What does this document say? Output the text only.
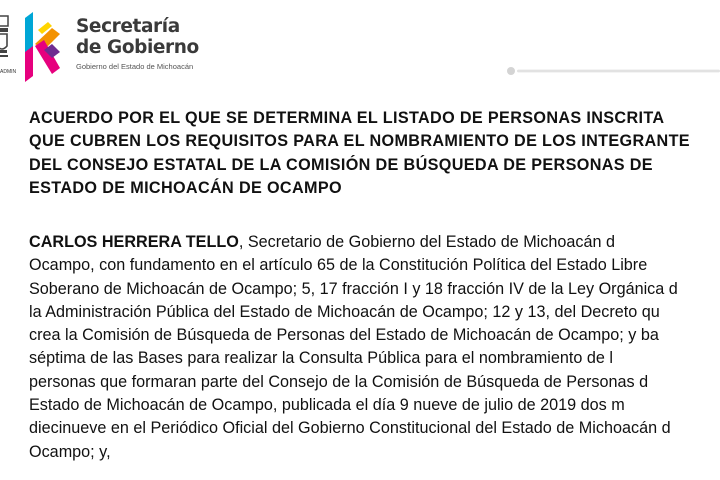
ADMIN
Secretaría
de Gobierno
Gobierno del Estado de Michoacán
ACUERDO POR EL QUE SE DETERMINA EL LISTADO DE PERSONAS INSCRITA
QUE CUBREN LOS REQUISITOS PARA EL NOMBRAMIENTO DE LOS INTEGRANTE
DEL CONSEJO ESTATAL DE LA COMISIÓN DE BÚSQUEDA DE PERSONAS DE
ESTADO DE MICHOACÁN DE OCAMPO
CARLOS HERRERA TELLO, Secretario de Gobierno del Estado de Michoacán d
Ocampo, con fundamento en el artículo 65 de la Constitución Política del Estado Libre
Soberano de Michoacán de Ocampo; 5, 17 fracción I y 18 fracción IV de la Ley Orgánica d
la Administración Pública del Estado de Michoacán de Ocampo; 12 y 13, del Decreto qu
crea la Comisión de Búsqueda de Personas del Estado de Michoacán de Ocampo; y ba
séptima de las Bases para realizar la Consulta Pública para el nombramiento de l
personas que formaran parte del Consejo de la Comisión de Búsqueda de Personas d
Estado de Michoacán de Ocampo, publicada el día 9 nueve de julio de 2019 dos m
diecinueve en el Periódico Oficial del Gobierno Constitucional del Estado de Michoacán d
Ocampo; y,
